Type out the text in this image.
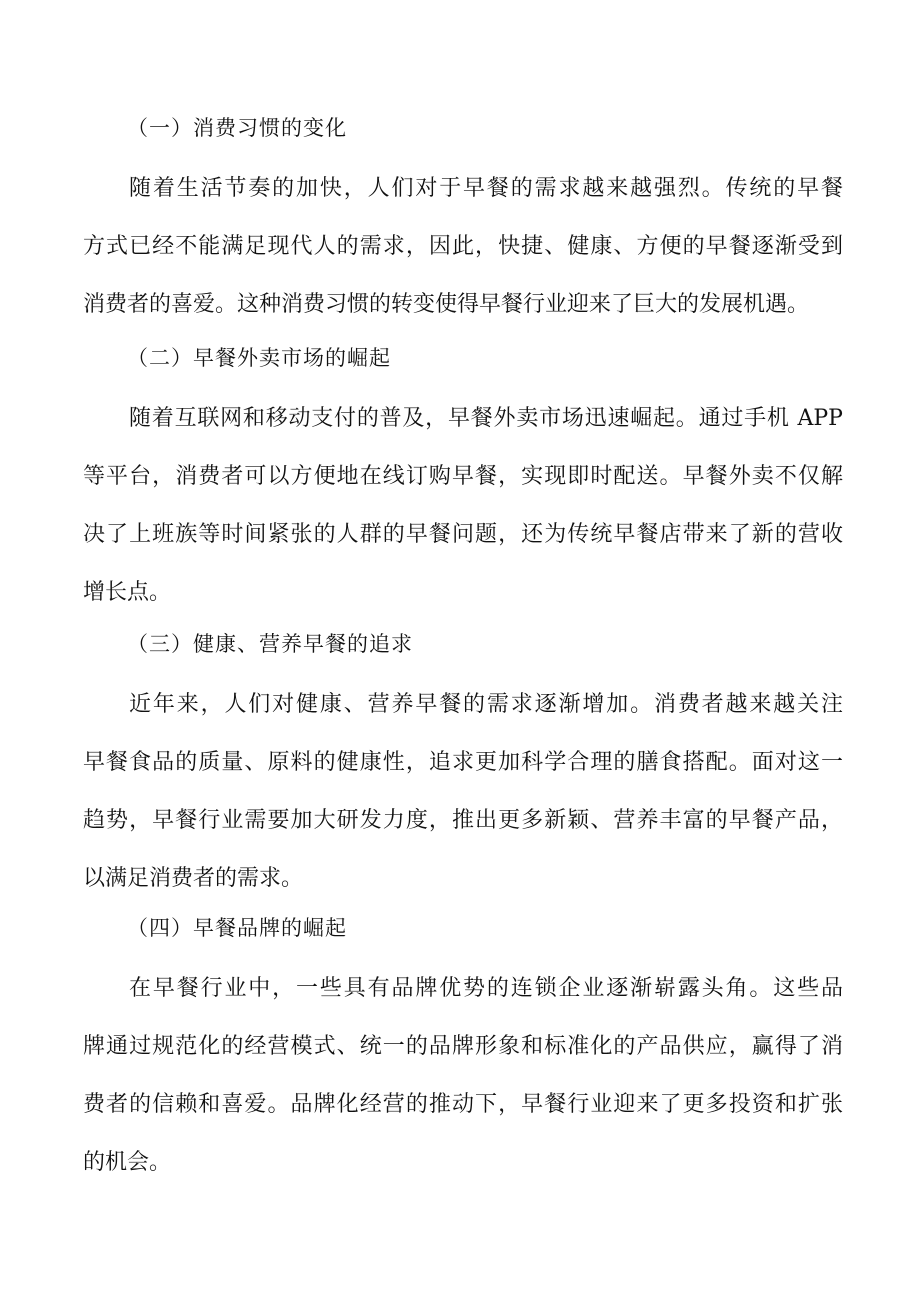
（一）消费习惯的变化
随着生活节奏的加快，人们对于早餐的需求越来越强烈。传统的早餐
方式已经不能满足现代人的需求，因此，快捷、健康、方便的早餐逐渐受到
消费者的喜爱。这种消费习惯的转变使得早餐行业迎来了巨大的发展机遇。
（二）早餐外卖市场的崛起
随着互联网和移动支付的普及，早餐外卖市场迅速崛起。通过手机 APP
等平台，消费者可以方便地在线订购早餐，实现即时配送。早餐外卖不仅解
决了上班族等时间紧张的人群的早餐问题，还为传统早餐店带来了新的营收
增长点。
（三）健康、营养早餐的追求
近年来，人们对健康、营养早餐的需求逐渐增加。消费者越来越关注
早餐食品的质量、原料的健康性，追求更加科学合理的膳食搭配。面对这一
趋势，早餐行业需要加大研发力度，推出更多新颖、营养丰富的早餐产品，
以满足消费者的需求。
（四）早餐品牌的崛起
在早餐行业中，一些具有品牌优势的连锁企业逐渐崭露头角。这些品
牌通过规范化的经营模式、统一的品牌形象和标准化的产品供应，赢得了消
费者的信赖和喜爱。品牌化经营的推动下，早餐行业迎来了更多投资和扩张
的机会。
